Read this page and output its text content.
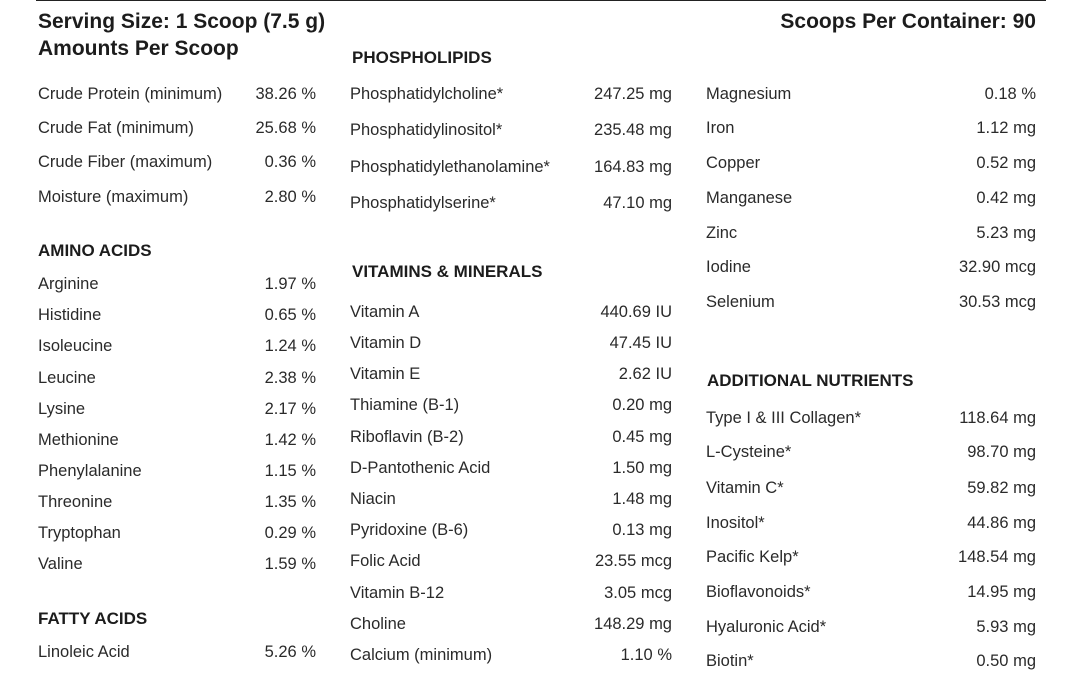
Serving Size: 1 Scoop (7.5 g)
Amounts Per Scoop
Scoops Per Container: 90
Crude Protein (minimum) 38.26 %
Crude Fat (minimum)	25.68 %
Crude Fiber (maximum)	0.36 %
Moisture (maximum)	2.80 %
AMINO ACIDS
Arginine	1.97 %
Histidine	0.65 %
Isoleucine	1.24 %
Leucine	2.38 %
Lysine	2.17 %
Methionine	1.42 %
Phenylalanine	1.15 %
Threonine	1.35 %
Tryptophan	0.29 %
Valine	1.59 %
FATTY ACIDS
Linoleic Acid	5.26 %
PHOSPHOLIPIDS
Phosphatidylcholine*	247.25 mg
Phosphatidylinositol*	235.48 mg
Phosphatidylethanolamine*	164.83 mg
Phosphatidylserine*	47.10 mg
VITAMINS & MINERALS
Vitamin A	440.69 IU
Vitamin D	47.45 IU
Vitamin E	2.62 IU
Thiamine (B-1)	0.20 mg
Riboflavin (B-2)	0.45 mg
D-Pantothenic Acid	1.50 mg
Niacin	1.48 mg
Pyridoxine (B-6)	0.13 mg
Folic Acid	23.55 mcg
Vitamin B-12	3.05 mcg
Choline	148.29 mg
Calcium (minimum)	1.10 %
Magnesium	0.18 %
Iron	1.12 mg
Copper	0.52 mg
Manganese	0.42 mg
Zinc	5.23 mg
Iodine	32.90 mcg
Selenium	30.53 mcg
ADDITIONAL NUTRIENTS
Type I & III Collagen*	118.64 mg
L-Cysteine*	98.70 mg
Vitamin C*	59.82 mg
Inositol*	44.86 mg
Pacific Kelp*	148.54 mg
Bioflavonoids*	14.95 mg
Hyaluronic Acid*	5.93 mg
Biotin*	0.50 mg
